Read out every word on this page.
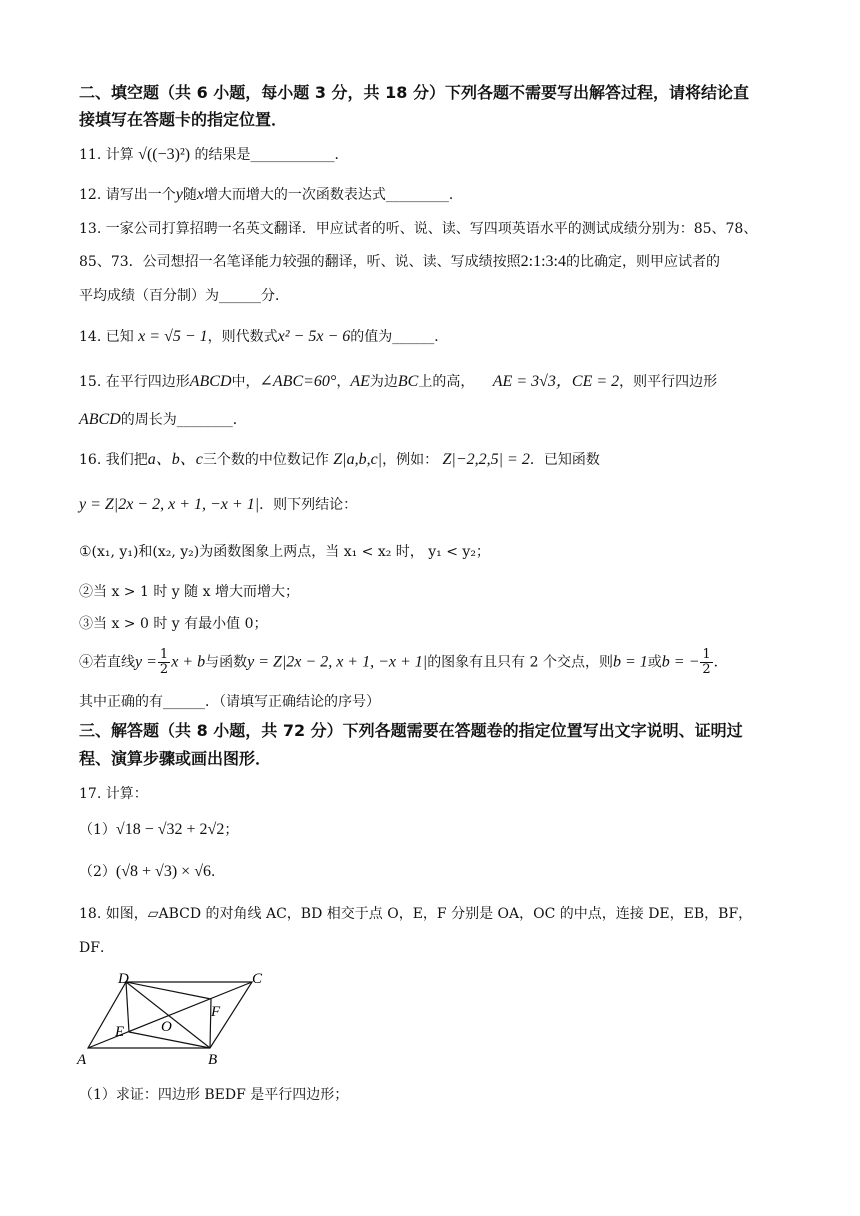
二、填空题（共 6 小题，每小题 3 分，共 18 分）下列各题不需要写出解答过程，请将结论直
接填写在答题卡的指定位置．
11. 计算 √((−3)²) 的结果是____________．
12. 请写出一个y随x增大而增大的一次函数表达式_________．
13. 一家公司打算招聘一名英文翻译．甲应试者的听、说、读、写四项英语水平的测试成绩分别为：85、78、
85、73．公司想招一名笔译能力较强的翻译，听、说、读、写成绩按照2:1:3:4的比确定，则甲应试者的
平均成绩（百分制）为______分．
14. 已知 x = √5 − 1，则代数式x² − 5x − 6的值为______．
15. 在平行四边形ABCD中，∠ABC=60°，AE为边BC上的高， AE = 3√3，CE = 2，则平行四边形
ABCD的周长为________．
16. 我们把a、b、c三个数的中位数记作 Z|a,b,c|，例如： Z|−2,2,5| = 2．已知函数
y = Z|2x − 2, x + 1, −x + 1|．则下列结论：
①(x₁, y₁)和(x₂, y₂)为函数图象上两点，当 x₁ < x₂ 时， y₁ < y₂；
②当 x > 1 时 y 随 x 增大而增大；
③当 x > 0 时 y 有最小值 0；
④若直线$y = \frac{1}{2}$ x + b与函数y = Z|2x − 2, x + 1, −x + 1|的图象有且只有 2 个交点，则b = 1或b = − $\frac{1}{2}$ ．
其中正确的有______．（请填写正确结论的序号）
三、解答题（共 8 小题，共 72 分）下列各题需要在答题卷的指定位置写出文字说明、证明过
程、演算步骤或画出图形．
17. 计算：
（1）√18 − √32 + 2√2；
（2）(√8 + √3) × √6．
18. 如图，▱ABCD 的对角线 AC，BD 相交于点 O，E，F 分别是 OA，OC 的中点，连接 DE，EB，BF，
DF．
A	B
C
D
E
F
O
（1）求证：四边形 BEDF 是平行四边形；
